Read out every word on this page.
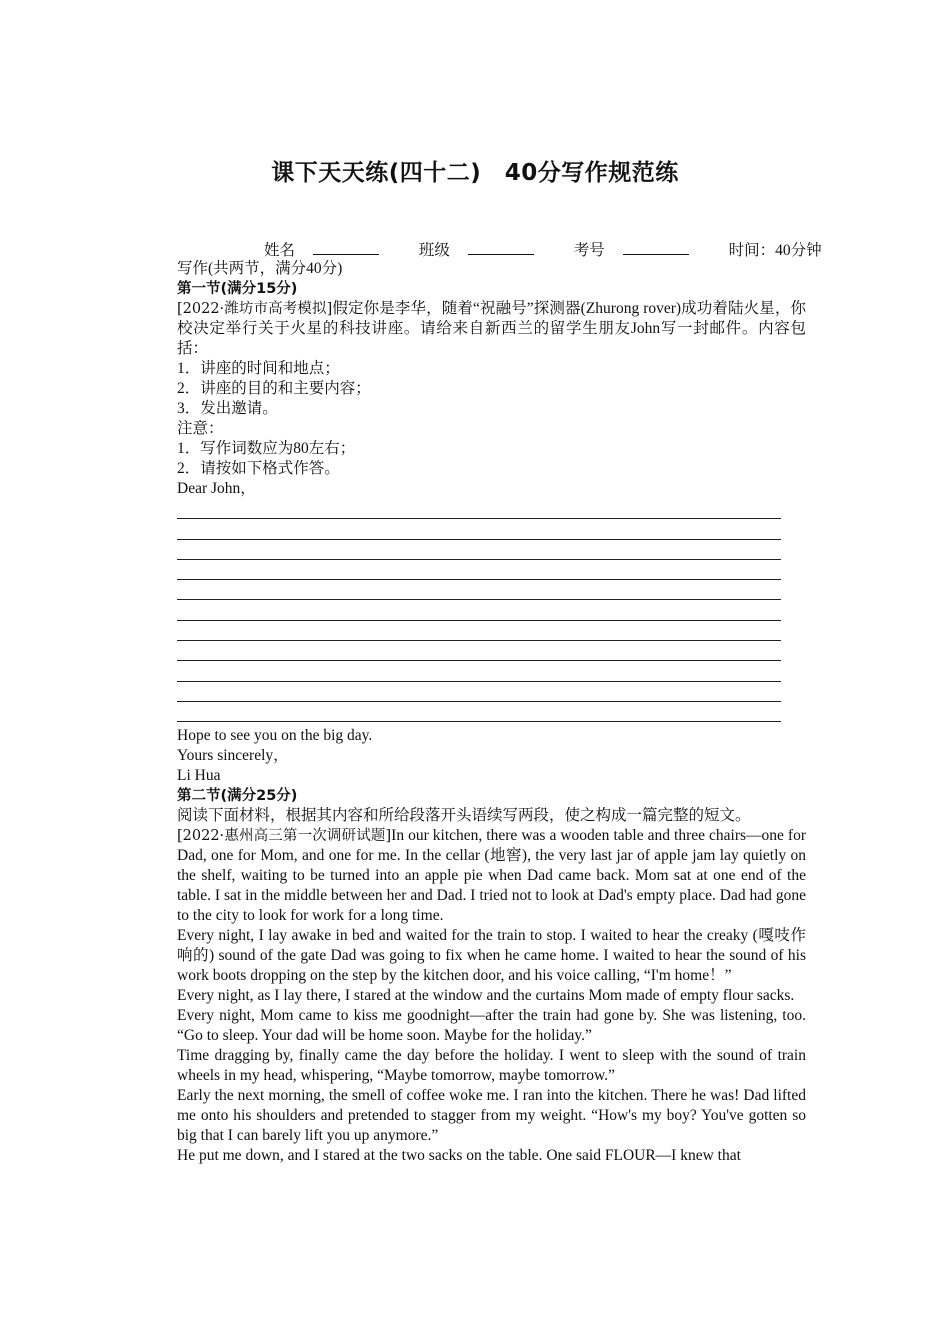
课下天天练(四十二)　40分写作规范练
姓名	班级	考号	时间：40分钟

写作(共两节，满分40分)

第一节(满分15分)

[2022·潍坊市高考模拟]假定你是李华，随着“祝融号”探测器(Zhurong rover)成功着陆火星，你校决定举行关于火星的科技讲座。请给来自新西兰的留学生朋友John写一封邮件。内容包括：

1．讲座的时间和地点；

2．讲座的目的和主要内容；

3．发出邀请。

注意：

1．写作词数应为80左右；

2．请按如下格式作答。

Dear John，

Hope to see you on the big day.

Yours sincerely，

Li Hua

第二节(满分25分)

阅读下面材料，根据其内容和所给段落开头语续写两段，使之构成一篇完整的短文。

[2022·惠州高三第一次调研试题]In our kitchen, there was a wooden table and three chairs—one for Dad, one for Mom, and one for me. In the cellar (地窖), the very last jar of apple jam lay quietly on the shelf, waiting to be turned into an apple pie when Dad came back. Mom sat at one end of the table. I sat in the middle between her and Dad. I tried not to look at Dad's empty place. Dad had gone to the city to look for work for a long time.

Every night, I lay awake in bed and waited for the train to stop. I waited to hear the creaky (嘎吱作响的) sound of the gate Dad was going to fix when he came home. I waited to hear the sound of his work boots dropping on the step by the kitchen door, and his voice calling, “I'm home！”

Every night, as I lay there, I stared at the window and the curtains Mom made of empty flour sacks.

Every night, Mom came to kiss me goodnight—after the train had gone by. She was listening, too. “Go to sleep. Your dad will be home soon. Maybe for the holiday.”

Time dragging by, finally came the day before the holiday. I went to sleep with the sound of train wheels in my head, whispering, “Maybe tomorrow, maybe tomorrow.”

Early the next morning, the smell of coffee woke me. I ran into the kitchen. There he was! Dad lifted me onto his shoulders and pretended to stagger from my weight. “How's my boy? You've gotten so big that I can barely lift you up anymore.”

He put me down, and I stared at the two sacks on the table. One said FLOUR—I knew that
